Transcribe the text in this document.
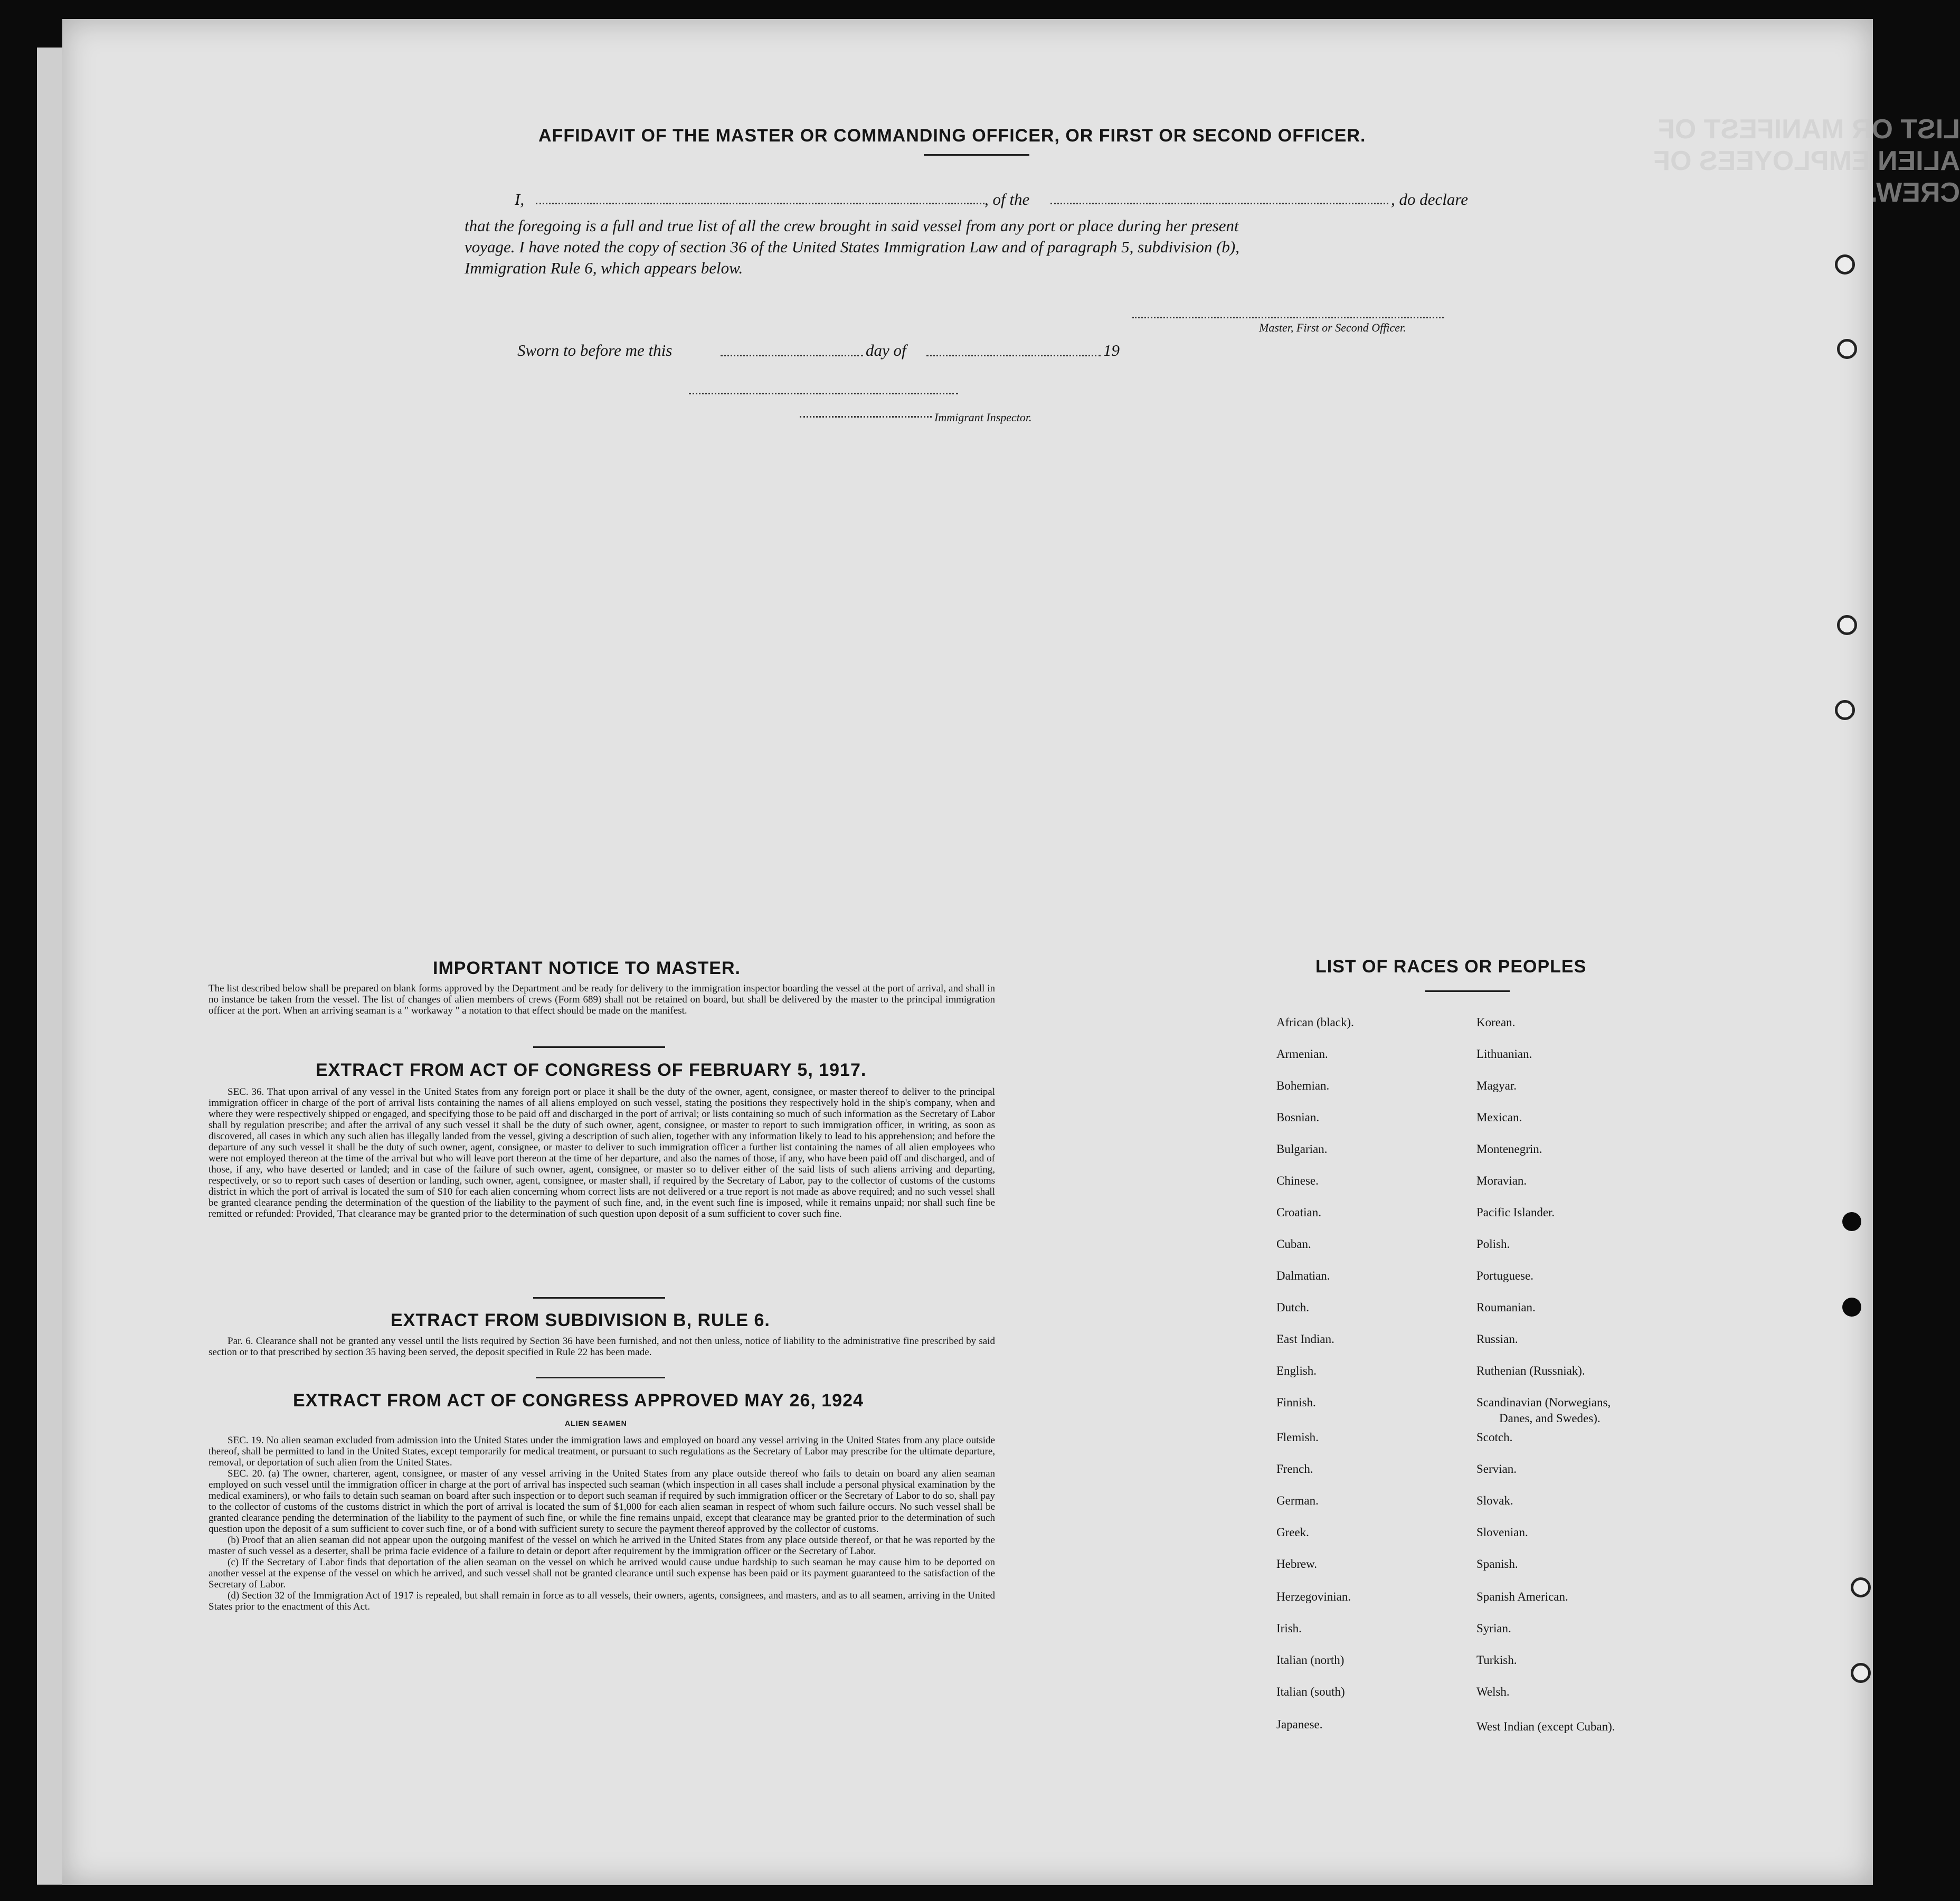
LIST OR MANIFEST OF ALIEN EMPLOYEES OF CREW.
AFFIDAVIT OF THE MASTER OR COMMANDING OFFICER, OR FIRST OR SECOND OFFICER.
I,	, of the	, do declare
that the foregoing is a full and true list of all the crew brought in said vessel from any port or place during her present
voyage. I have noted the copy of section 36 of the United States Immigration Law and of paragraph 5, subdivision (b),
Immigration Rule 6, which appears below.
Master, First or Second Officer.
Sworn to before me this	day of	19
Immigrant Inspector.
IMPORTANT NOTICE TO MASTER.
The list described below shall be prepared on blank forms approved by the Department and be ready for delivery to the immigration inspector boarding the vessel at the port of arrival, and shall in no instance be taken from the vessel. The list of changes of alien members of crews (Form 689) shall not be retained on board, but shall be delivered by the master to the principal immigration officer at the port. When an arriving seaman is a " workaway " a notation to that effect should be made on the manifest.
EXTRACT FROM ACT OF CONGRESS OF FEBRUARY 5, 1917.
SEC. 36. That upon arrival of any vessel in the United States from any foreign port or place it shall be the duty of the owner, agent, consignee, or master thereof to deliver to the principal immigration officer in charge of the port of arrival lists containing the names of all aliens employed on such vessel, stating the positions they respectively hold in the ship's company, when and where they were respectively shipped or engaged, and specifying those to be paid off and discharged in the port of arrival; or lists containing so much of such information as the Secretary of Labor shall by regulation prescribe; and after the arrival of any such vessel it shall be the duty of such owner, agent, consignee, or master to report to such immigration officer, in writing, as soon as discovered, all cases in which any such alien has illegally landed from the vessel, giving a description of such alien, together with any information likely to lead to his apprehension; and before the departure of any such vessel it shall be the duty of such owner, agent, consignee, or master to deliver to such immigration officer a further list containing the names of all alien employees who were not employed thereon at the time of the arrival but who will leave port thereon at the time of her departure, and also the names of those, if any, who have been paid off and discharged, and of those, if any, who have deserted or landed; and in case of the failure of such owner, agent, consignee, or master so to deliver either of the said lists of such aliens arriving and departing, respectively, or so to report such cases of desertion or landing, such owner, agent, consignee, or master shall, if required by the Secretary of Labor, pay to the collector of customs of the customs district in which the port of arrival is located the sum of $10 for each alien concerning whom correct lists are not delivered or a true report is not made as above required; and no such vessel shall be granted clearance pending the determination of the question of the liability to the payment of such fine, and, in the event such fine is imposed, while it remains unpaid; nor shall such fine be remitted or refunded: Provided, That clearance may be granted prior to the determination of such question upon deposit of a sum sufficient to cover such fine.
EXTRACT FROM SUBDIVISION B, RULE 6.
Par. 6. Clearance shall not be granted any vessel until the lists required by Section 36 have been furnished, and not then unless, notice of liability to the administrative fine prescribed by said section or to that prescribed by section 35 having been served, the deposit specified in Rule 22 has been made.
EXTRACT FROM ACT OF CONGRESS APPROVED MAY 26, 1924
ALIEN SEAMEN
SEC. 19. No alien seaman excluded from admission into the United States under the immigration laws and employed on board any vessel arriving in the United States from any place outside thereof, shall be permitted to land in the United States, except temporarily for medical treatment, or pursuant to such regulations as the Secretary of Labor may prescribe for the ultimate departure, removal, or deportation of such alien from the United States.
SEC. 20. (a) The owner, charterer, agent, consignee, or master of any vessel arriving in the United States from any place outside thereof who fails to detain on board any alien seaman employed on such vessel until the immigration officer in charge at the port of arrival has inspected such seaman (which inspection in all cases shall include a personal physical examination by the medical examiners), or who fails to detain such seaman on board after such inspection or to deport such seaman if required by such immigration officer or the Secretary of Labor to do so, shall pay to the collector of customs of the customs district in which the port of arrival is located the sum of $1,000 for each alien seaman in respect of whom such failure occurs. No such vessel shall be granted clearance pending the determination of the liability to the payment of such fine, or while the fine remains unpaid, except that clearance may be granted prior to the determination of such question upon the deposit of a sum sufficient to cover such fine, or of a bond with sufficient surety to secure the payment thereof approved by the collector of customs.
(b) Proof that an alien seaman did not appear upon the outgoing manifest of the vessel on which he arrived in the United States from any place outside thereof, or that he was reported by the master of such vessel as a deserter, shall be prima facie evidence of a failure to detain or deport after requirement by the immigration officer or the Secretary of Labor.
(c) If the Secretary of Labor finds that deportation of the alien seaman on the vessel on which he arrived would cause undue hardship to such seaman he may cause him to be deported on another vessel at the expense of the vessel on which he arrived, and such vessel shall not be granted clearance until such expense has been paid or its payment guaranteed to the satisfaction of the Secretary of Labor.
(d) Section 32 of the Immigration Act of 1917 is repealed, but shall remain in force as to all vessels, their owners, agents, consignees, and masters, and as to all seamen, arriving in the United States prior to the enactment of this Act.
LIST OF RACES OR PEOPLES
African (black).
Armenian.
Bohemian.
Bosnian.
Bulgarian.
Chinese.
Croatian.
Cuban.
Dalmatian.
Dutch.
East Indian.
English.
Finnish.
Flemish.
French.
German.
Greek.
Hebrew.
Herzegovinian.
Irish.
Italian (north)
Italian (south)
Japanese.
Korean.
Lithuanian.
Magyar.
Mexican.
Montenegrin.
Moravian.
Pacific Islander.
Polish.
Portuguese.
Roumanian.
Russian.
Ruthenian (Russniak).
Scandinavian (Norwegians,
Danes, and Swedes).
Scotch.
Servian.
Slovak.
Slovenian.
Spanish.
Spanish American.
Syrian.
Turkish.
Welsh.
West Indian (except Cuban).
